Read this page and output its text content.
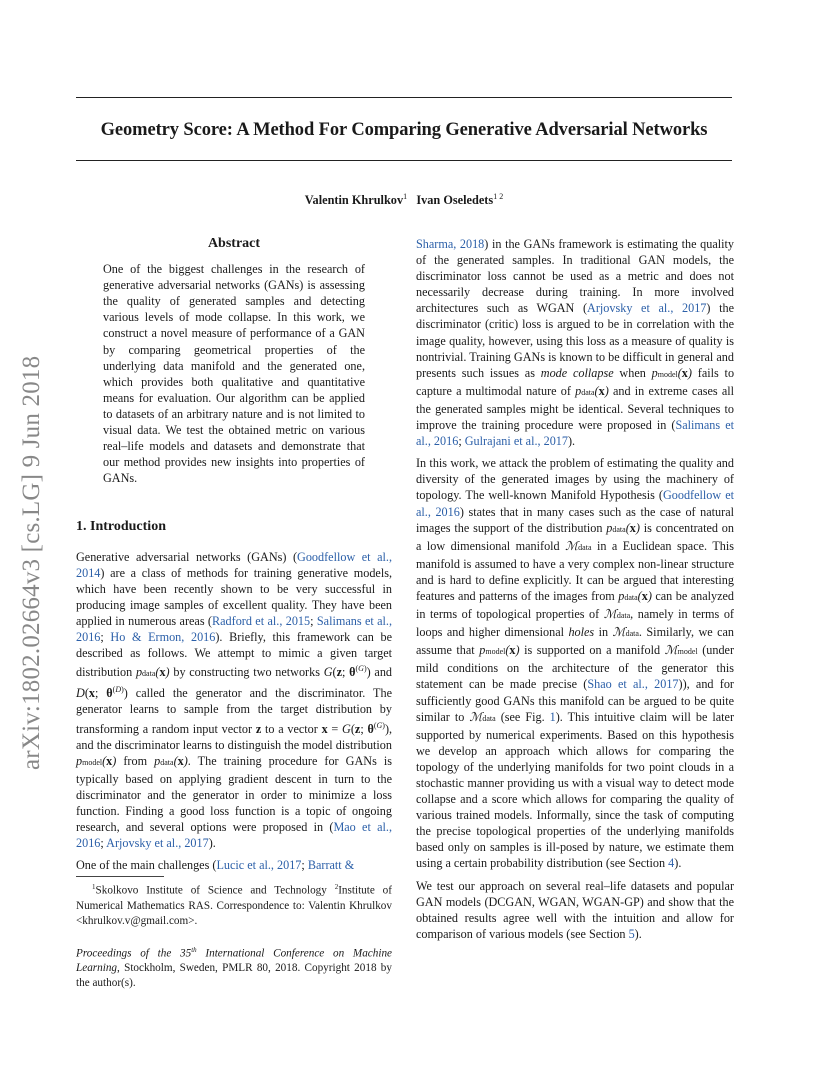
Geometry Score: A Method For Comparing Generative Adversarial Networks
Valentin Khrulkov$^1$ Ivan Oseledets$^{1 2}$
arXiv:1802.02664v3 [cs.LG] 9 Jun 2018
Abstract

One of the biggest challenges in the research of generative adversarial networks (GANs) is assessing the quality of generated samples and detecting various levels of mode collapse. In this work, we construct a novel measure of performance of a GAN by comparing geometrical properties of the underlying data manifold and the generated one, which provides both qualitative and quantitative means for evaluation. Our algorithm can be applied to datasets of an arbitrary nature and is not limited to visual data. We test the obtained metric on various real–life models and datasets and demonstrate that our method provides new insights into properties of GANs.

1. Introduction

Generative adversarial networks (GANs) (Goodfellow et al., 2014) are a class of methods for training generative models, which have been recently shown to be very successful in producing image samples of excellent quality. They have been applied in numerous areas (Radford et al., 2015; Salimans et al., 2016; Ho & Ermon, 2016). Briefly, this framework can be described as follows. We attempt to mimic a given target distribution pdata(x) by constructing two networks G(z; $\theta^{(G)}$) and D(x; $\theta^{(D)}$) called the generator and the discriminator. The generator learns to sample from the target distribution by transforming a random input vector z to a vector x = G(z; $\theta^{(G)}$), and the discriminator learns to distinguish the model distribution pmodel(x) from pdata(x). The training procedure for GANs is typically based on applying gradient descent in turn to the discriminator and the generator in order to minimize a loss function. Finding a good loss function is a topic of ongoing research, and several options were proposed in (Mao et al., 2016; Arjovsky et al., 2017).

One of the main challenges (Lucic et al., 2017; Barratt &

$^1$Skolkovo Institute of Science and Technology $^2$Institute of Numerical Mathematics RAS. Correspondence to: Valentin Khrulkov <khrulkov.v@gmail.com>.

Proceedings of the 35th International Conference on Machine Learning, Stockholm, Sweden, PMLR 80, 2018. Copyright 2018 by the author(s).

Sharma, 2018) in the GANs framework is estimating the quality of the generated samples. In traditional GAN models, the discriminator loss cannot be used as a metric and does not necessarily decrease during training. In more involved architectures such as WGAN (Arjovsky et al., 2017) the discriminator (critic) loss is argued to be in correlation with the image quality, however, using this loss as a measure of quality is nontrivial. Training GANs is known to be difficult in general and presents such issues as mode collapse when pmodel(x) fails to capture a multimodal nature of pdata(x) and in extreme cases all the generated samples might be identical. Several techniques to improve the training procedure were proposed in (Salimans et al., 2016; Gulrajani et al., 2017).

In this work, we attack the problem of estimating the quality and diversity of the generated images by using the machinery of topology. The well-known Manifold Hypothesis (Goodfellow et al., 2016) states that in many cases such as the case of natural images the support of the distribution pdata(x) is concentrated on a low dimensional manifold ℳdata in a Euclidean space. This manifold is assumed to have a very complex non-linear structure and is hard to define explicitly. It can be argued that interesting features and patterns of the images from pdata(x) can be analyzed in terms of topological properties of ℳdata, namely in terms of loops and higher dimensional holes in ℳdata. Similarly, we can assume that pmodel(x) is supported on a manifold ℳmodel (under mild conditions on the architecture of the generator this statement can be made precise (Shao et al., 2017)), and for sufficiently good GANs this manifold can be argued to be quite similar to ℳdata (see Fig. 1). This intuitive claim will be later supported by numerical experiments. Based on this hypothesis we develop an approach which allows for comparing the topology of the underlying manifolds for two point clouds in a stochastic manner providing us with a visual way to detect mode collapse and a score which allows for comparing the quality of various trained models. Informally, since the task of computing the precise topological properties of the underlying manifolds based only on samples is ill-posed by nature, we estimate them using a certain probability distribution (see Section 4).

We test our approach on several real–life datasets and popular GAN models (DCGAN, WGAN, WGAN-GP) and show that the obtained results agree well with the intuition and allow for comparison of various models (see Section 5).
